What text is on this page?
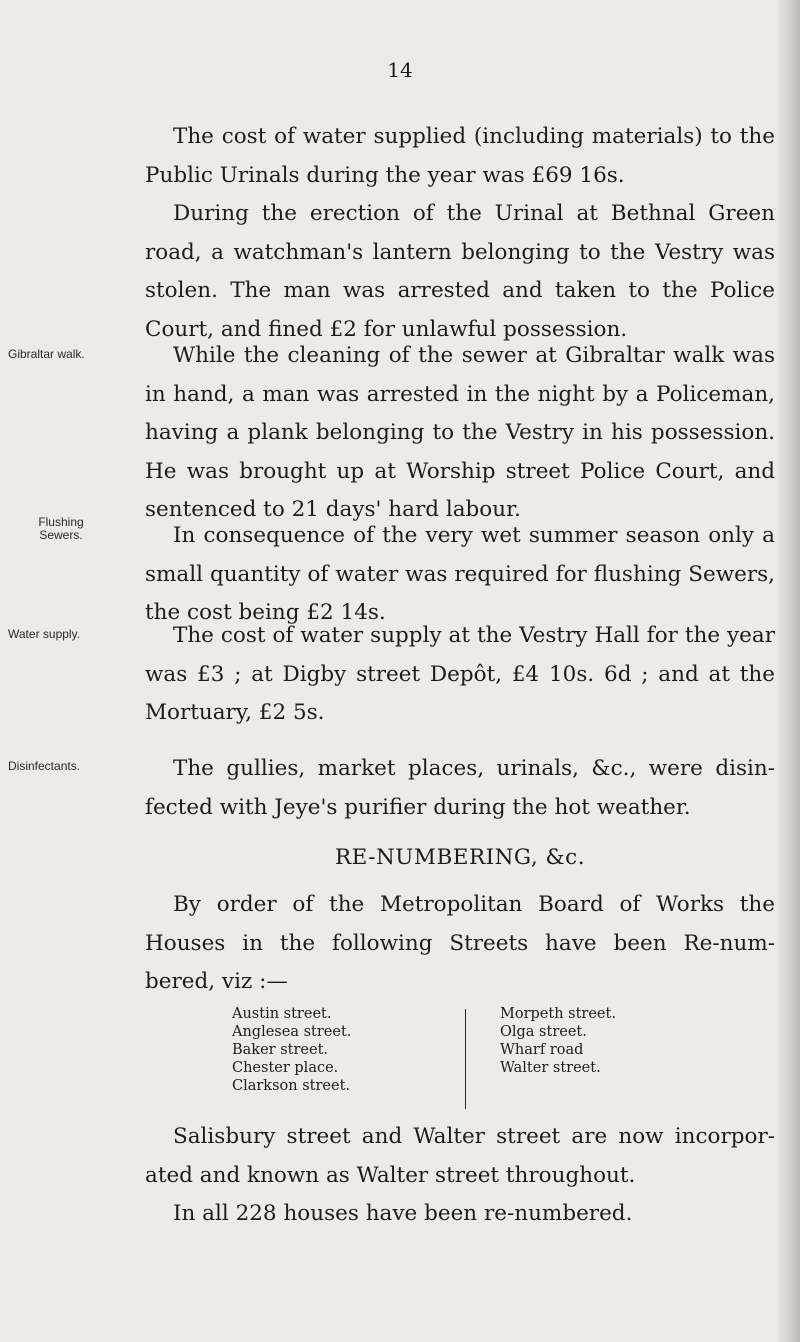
14

The cost of water supplied (including materials) to the Public Urinals during the year was £69 16s.

During the erection of the Urinal at Bethnal Green road, a watchman's lantern belonging to the Vestry was stolen. The man was arrested and taken to the Police Court, and fined £2 for unlawful possession.

Gibraltar walk.	While the cleaning of the sewer at Gibraltar walk was in hand, a man was arrested in the night by a Policeman, having a plank belonging to the Vestry in his possession. He was brought up at Worship street Police Court, and sentenced to 21 days' hard labour.

Flushing
Sewers.	In consequence of the very wet summer season only a small quantity of water was required for flushing Sewers, the cost being £2 14s.

Water supply.	The cost of water supply at the Vestry Hall for the year was £3 ; at Digby street Depôt, £4 10s. 6d ; and at the Mortuary, £2 5s.

Disinfectants.	The gullies, market places, urinals, &c., were disin- fected with Jeye's purifier during the hot weather.

RE-NUMBERING, &c.

By order of the Metropolitan Board of Works the Houses in the following Streets have been Re-num- bered, viz :—

Austin street.
Anglesea street.
Baker street.
Chester place.
Clarkson street.
Morpeth street.
Olga street.
Wharf road
Walter street.

Salisbury street and Walter street are now incorpor- ated and known as Walter street throughout.

In all 228 houses have been re-numbered.
